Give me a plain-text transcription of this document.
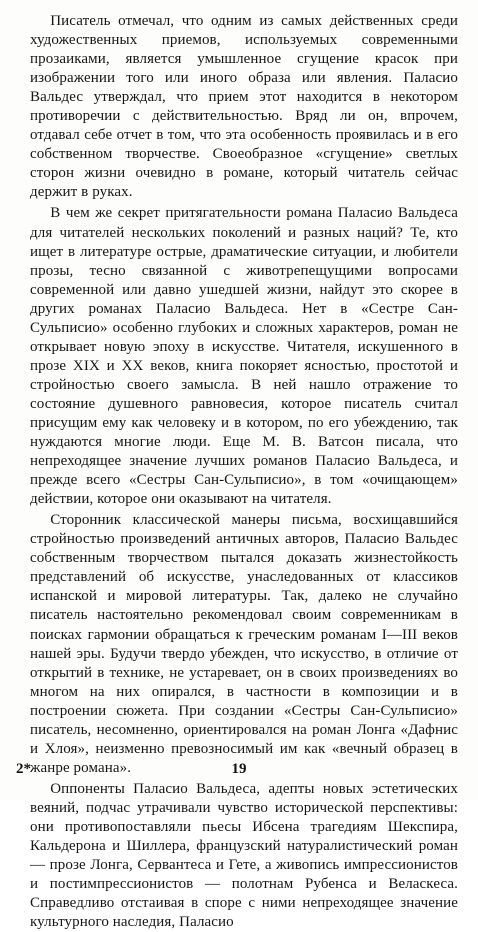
Писатель отмечал, что одним из самых действенных среди художественных приемов, используемых современными прозаиками, является умышленное сгущение красок при изображении того или иного образа или явления. Паласио Вальдес утверждал, что прием этот находится в некотором противоречии с действительностью. Вряд ли он, впрочем, отдавал себе отчет в том, что эта особенность проявилась и в его собственном творчестве. Своеобразное «сгущение» светлых сторон жизни очевидно в романе, который читатель сейчас держит в руках.

В чем же секрет притягательности романа Паласио Вальдеса для читателей нескольких поколений и разных наций? Те, кто ищет в литературе острые, драматические ситуации, и любители прозы, тесно связанной с животрепещущими вопросами современной или давно ушедшей жизни, найдут это скорее в других романах Паласио Вальдеса. Нет в «Сестре Сан-Сульписио» особенно глубоких и сложных характеров, роман не открывает новую эпоху в искусстве. Читателя, искушенного в прозе XIX и XX веков, книга покоряет ясностью, простотой и стройностью своего замысла. В ней нашло отражение то состояние душевного равновесия, которое писатель считал присущим ему как человеку и в котором, по его убеждению, так нуждаются многие люди. Еще М. В. Ватсон писала, что непреходящее значение лучших романов Паласио Вальдеса, и прежде всего «Сестры Сан-Сульписио», в том «очищающем» действии, которое они оказывают на читателя.

Сторонник классической манеры письма, восхищавшийся стройностью произведений античных авторов, Паласио Вальдес собственным творчеством пытался доказать жизнестойкость представлений об искусстве, унаследованных от классиков испанской и мировой литературы. Так, далеко не случайно писатель настоятельно рекомендовал своим современникам в поисках гармонии обращаться к греческим романам I—III веков нашей эры. Будучи твердо убежден, что искусство, в отличие от открытий в технике, не устаревает, он в своих произведениях во многом на них опирался, в частности в композиции и в построении сюжета. При создании «Сестры Сан-Сульписио» писатель, несомненно, ориентировался на роман Лонга «Дафнис и Хлоя», неизменно превозносимый им как «вечный образец в жанре романа».

Оппоненты Паласио Вальдеса, адепты новых эстетических веяний, подчас утрачивали чувство исторической перспективы: они противопоставляли пьесы Ибсена трагедиям Шекспира, Кальдерона и Шиллера, французский натуралистический роман — прозе Лонга, Сервантеса и Гете, а живопись импрессионистов и постимпрессионистов — полотнам Рубенса и Веласкеса. Справедливо отстаивая в споре с ними непреходящее значение культурного наследия, Паласио

2*	19
